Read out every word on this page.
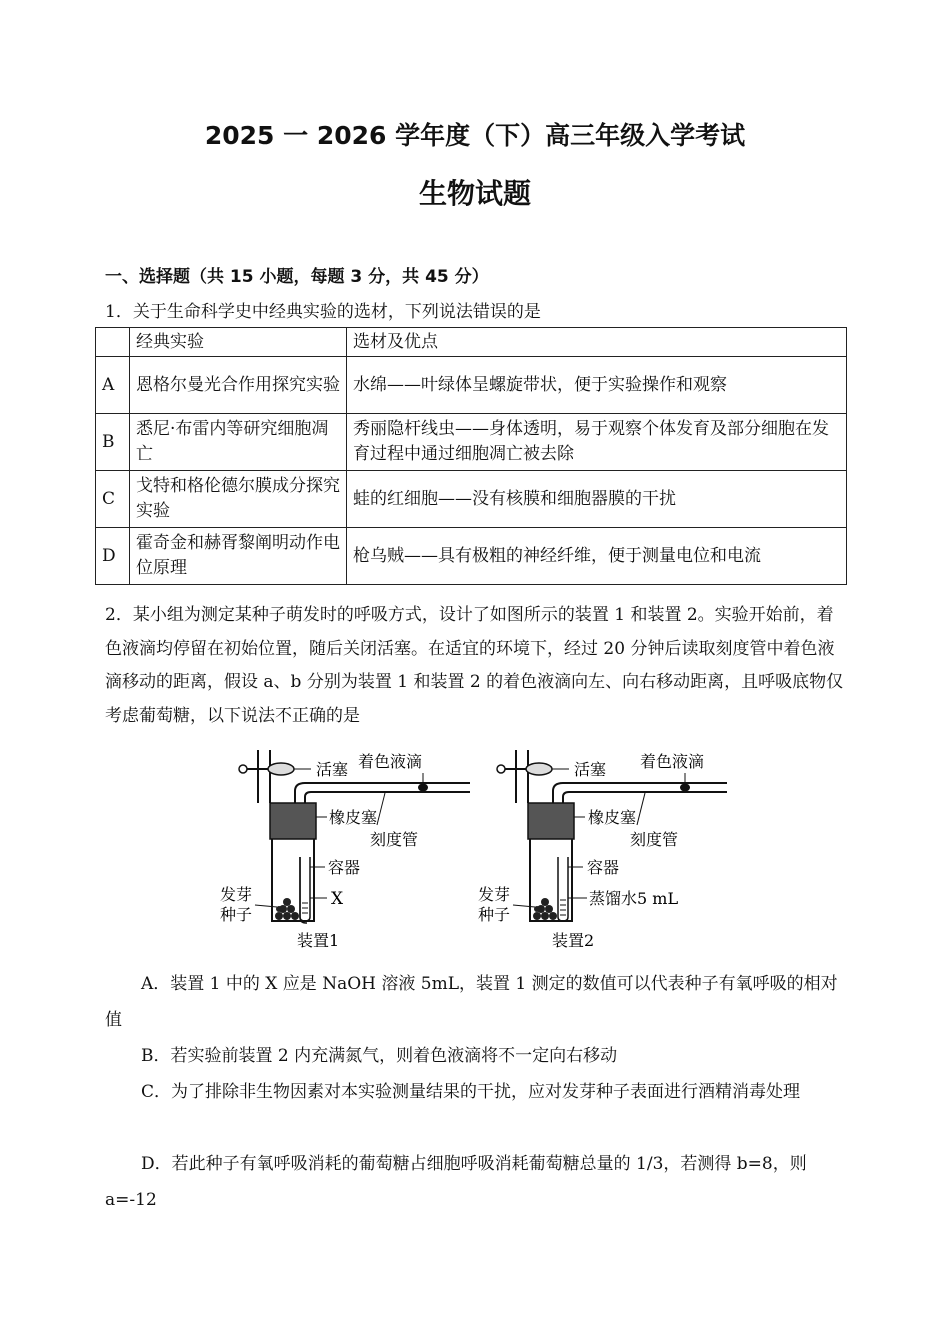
2025 一 2026 学年度（下）高三年级入学考试
生物试题
一、选择题（共 15 小题，每题 3 分，共 45 分）
1．关于生命科学史中经典实验的选材，下列说法错误的是
	经典实验	选材及优点
A	恩格尔曼光合作用探究实验	水绵——叶绿体呈螺旋带状，便于实验操作和观察
B	悉尼·布雷内等研究细胞凋亡	秀丽隐杆线虫——身体透明，易于观察个体发育及部分细胞在发育过程中通过细胞凋亡被去除
C	戈特和格伦德尔膜成分探究实验	蛙的红细胞——没有核膜和细胞器膜的干扰
D	霍奇金和赫胥黎阐明动作电位原理	枪乌贼——具有极粗的神经纤维，便于测量电位和电流
2．某小组为测定某种子萌发时的呼吸方式，设计了如图所示的装置 1 和装置 2。实验开始前，着色液滴均停留在初始位置，随后关闭活塞。在适宜的环境下，经过 20 分钟后读取刻度管中着色液滴移动的距离，假设 a、b 分别为装置 1 和装置 2 的着色液滴向左、向右移动距离，且呼吸底物仅考虑葡萄糖，以下说法不正确的是
活塞 着色液滴
橡皮塞
刻度管
容器
X
发芽种子
装置1
活塞 着色液滴
橡皮塞
刻度管
容器
蒸馏水5 mL
发芽种子
装置2
A．装置 1 中的 X 应是 NaOH 溶液 5mL，装置 1 测定的数值可以代表种子有氧呼吸的相对值
B．若实验前装置 2 内充满氮气，则着色液滴将不一定向右移动
C．为了排除非生物因素对本实验测量结果的干扰，应对发芽种子表面进行酒精消毒处理
D．若此种子有氧呼吸消耗的葡萄糖占细胞呼吸消耗葡萄糖总量的 1/3，若测得 b=8，则 a=-12
